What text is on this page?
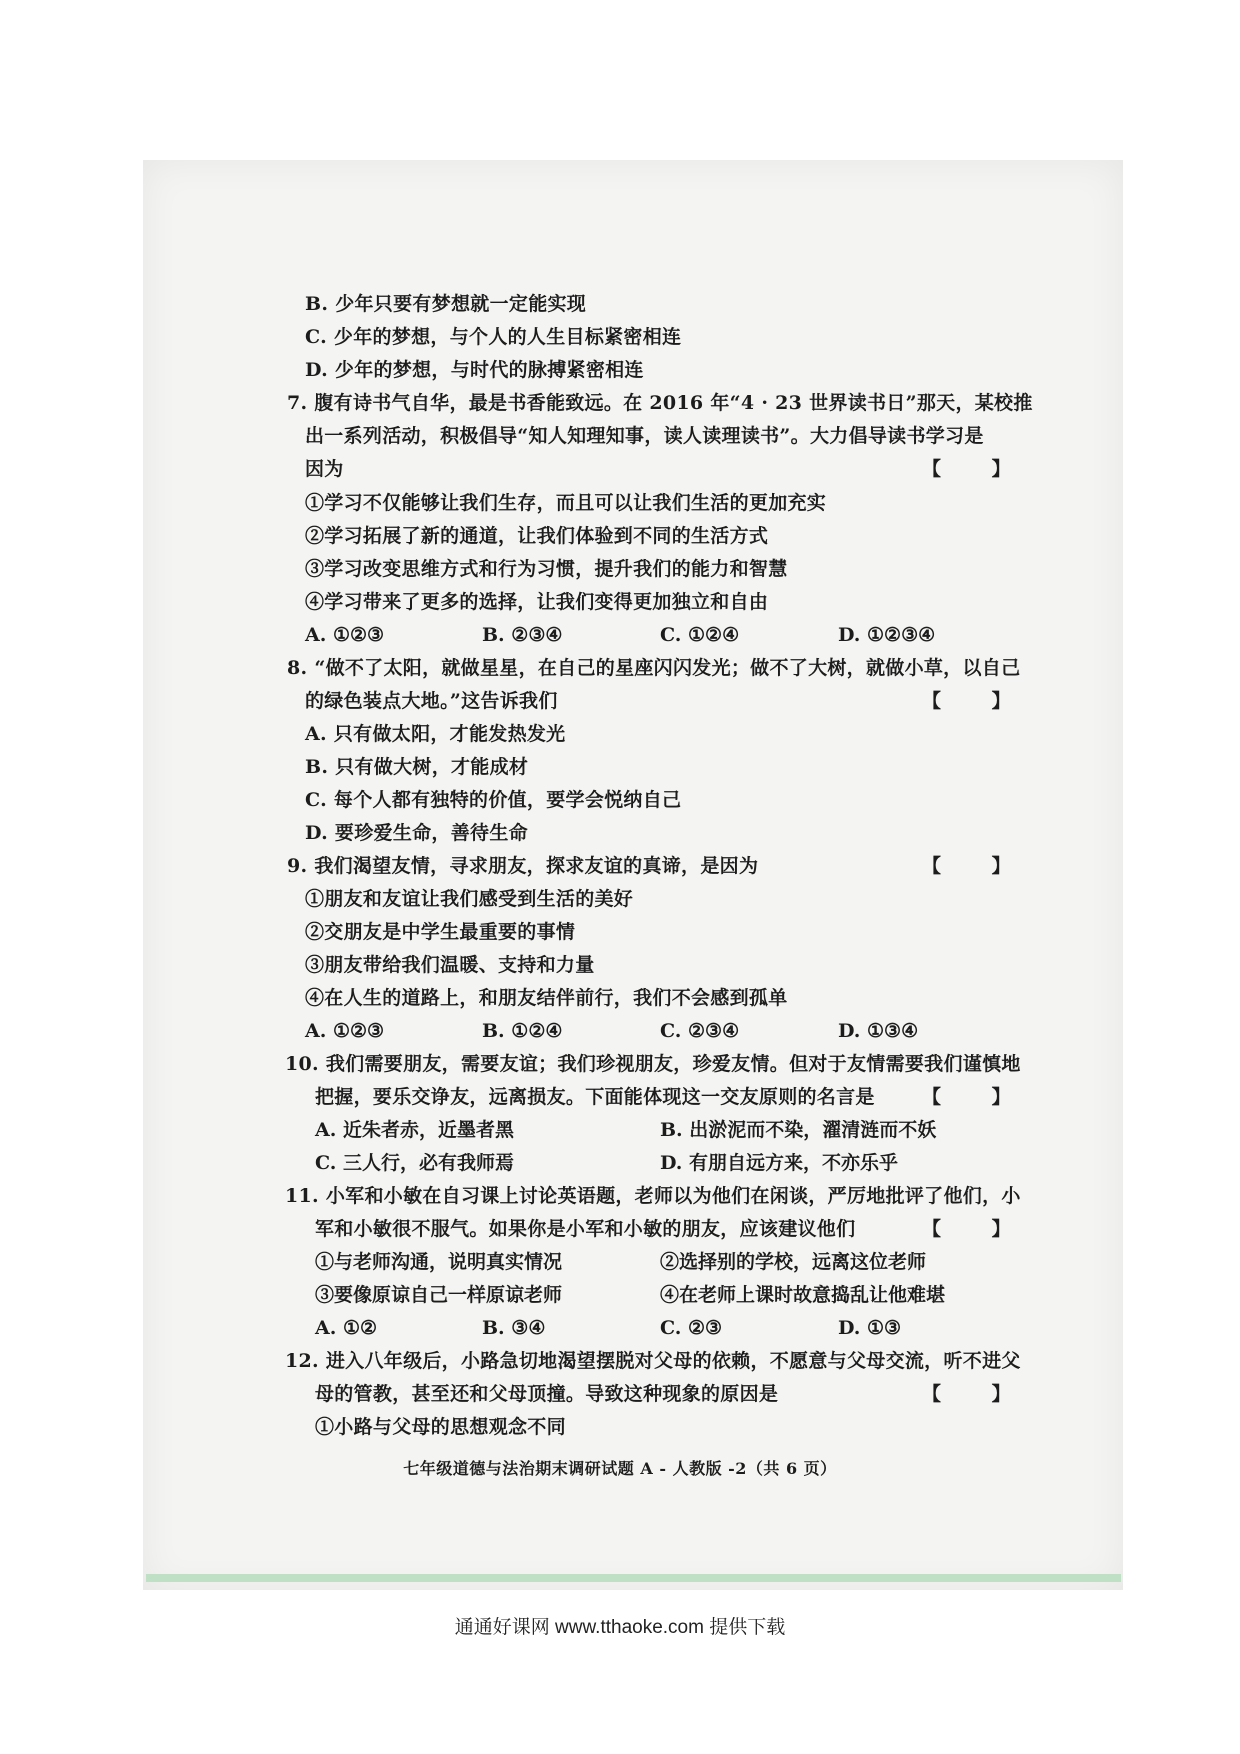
B. 少年只要有梦想就一定能实现
C. 少年的梦想，与个人的人生目标紧密相连
D. 少年的梦想，与时代的脉搏紧密相连
7. 腹有诗书气自华，最是书香能致远。在 2016 年“4 · 23 世界读书日”那天，某校推
出一系列活动，积极倡导“知人知理知事，读人读理读书”。大力倡导读书学习是
因为	【 】
①学习不仅能够让我们生存，而且可以让我们生活的更加充实
②学习拓展了新的通道，让我们体验到不同的生活方式
③学习改变思维方式和行为习惯，提升我们的能力和智慧
④学习带来了更多的选择，让我们变得更加独立和自由
A. ①②③	B. ②③④	C. ①②④	D. ①②③④
8. “做不了太阳，就做星星，在自己的星座闪闪发光；做不了大树，就做小草，以自己
的绿色装点大地。”这告诉我们	【 】
A. 只有做太阳，才能发热发光
B. 只有做大树，才能成材
C. 每个人都有独特的价值，要学会悦纳自己
D. 要珍爱生命，善待生命
9. 我们渴望友情，寻求朋友，探求友谊的真谛，是因为	【 】
①朋友和友谊让我们感受到生活的美好
②交朋友是中学生最重要的事情
③朋友带给我们温暖、支持和力量
④在人生的道路上，和朋友结伴前行，我们不会感到孤单
A. ①②③	B. ①②④	C. ②③④	D. ①③④
10. 我们需要朋友，需要友谊；我们珍视朋友，珍爱友情。但对于友情需要我们谨慎地
把握，要乐交诤友，远离损友。下面能体现这一交友原则的名言是 【 】
A. 近朱者赤，近墨者黑	B. 出淤泥而不染，濯清涟而不妖
C. 三人行，必有我师焉	D. 有朋自远方来，不亦乐乎
11. 小军和小敏在自习课上讨论英语题，老师以为他们在闲谈，严厉地批评了他们，小
军和小敏很不服气。如果你是小军和小敏的朋友，应该建议他们	【 】
①与老师沟通，说明真实情况	②选择别的学校，远离这位老师
③要像原谅自己一样原谅老师	④在老师上课时故意捣乱让他难堪
A. ①②	B. ③④	C. ②③	D. ①③
12. 进入八年级后，小路急切地渴望摆脱对父母的依赖，不愿意与父母交流，听不进父
母的管教，甚至还和父母顶撞。导致这种现象的原因是	【 】
①小路与父母的思想观念不同
七年级道德与法治期末调研试题 A - 人教版 -2（共 6 页）
通通好课网 www.tthaoke.com 提供下载
